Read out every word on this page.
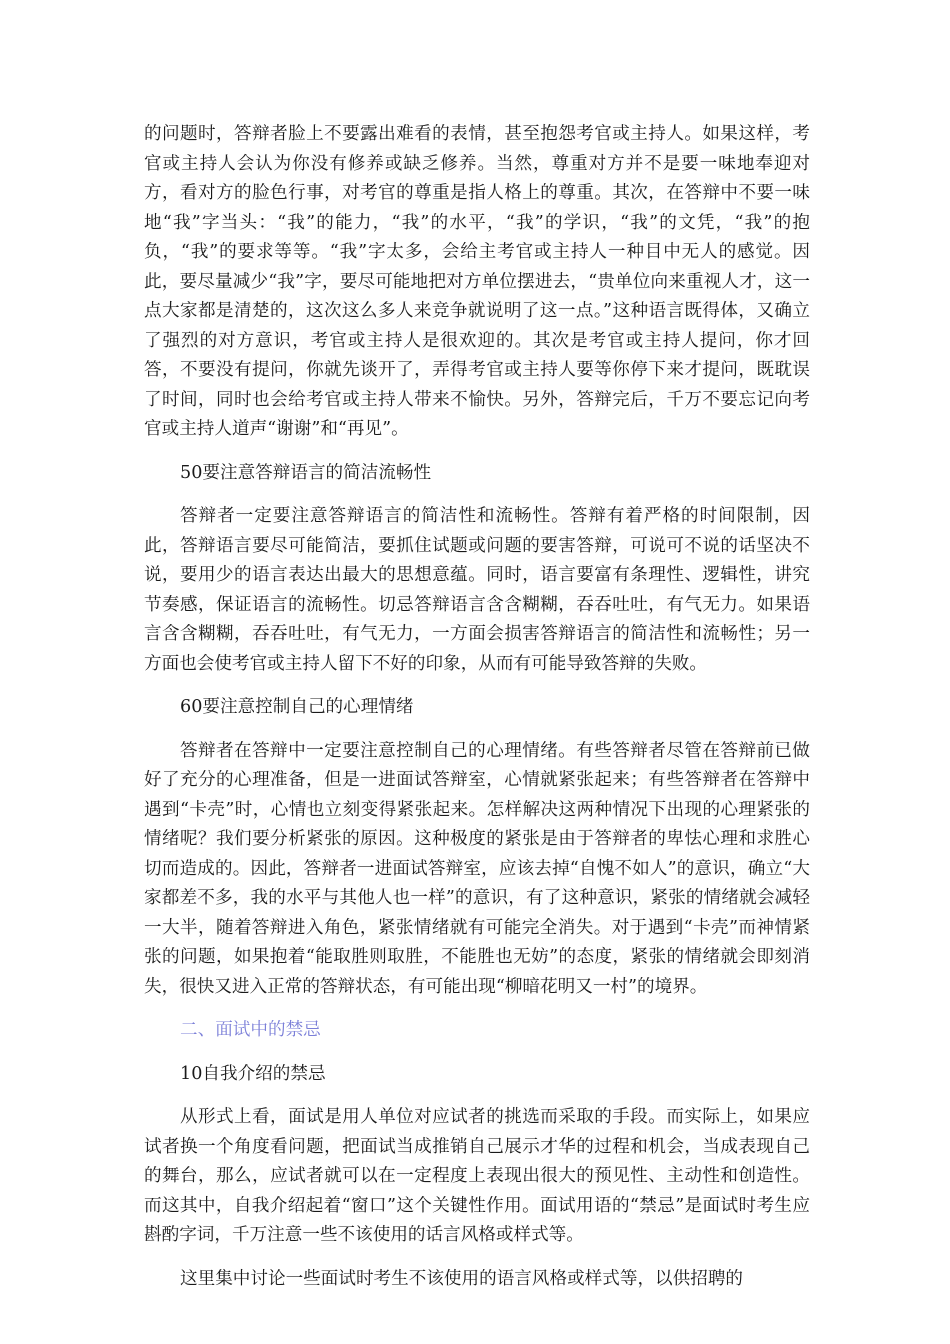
的问题时，答辩者脸上不要露出难看的表情，甚至抱怨考官或主持人。如果这样，考官或主持人会认为你没有修养或缺乏修养。当然，尊重对方并不是要一味地奉迎对方，看对方的脸色行事，对考官的尊重是指人格上的尊重。其次，在答辩中不要一味地“我”字当头：“我”的能力，“我”的水平，“我”的学识，“我”的文凭，“我”的抱负，“我”的要求等等。“我”字太多，会给主考官或主持人一种目中无人的感觉。因此，要尽量减少“我”字，要尽可能地把对方单位摆进去，“贵单位向来重视人才，这一点大家都是清楚的，这次这么多人来竞争就说明了这一点。”这种语言既得体，又确立了强烈的对方意识，考官或主持人是很欢迎的。其次是考官或主持人提问，你才回答，不要没有提问，你就先谈开了，弄得考官或主持人要等你停下来才提问，既耽误了时间，同时也会给考官或主持人带来不愉快。另外，答辩完后，千万不要忘记向考官或主持人道声“谢谢”和“再见”。

50要注意答辩语言的简洁流畅性

答辩者一定要注意答辩语言的简洁性和流畅性。答辩有着严格的时间限制，因此，答辩语言要尽可能简洁，要抓住试题或问题的要害答辩，可说可不说的话坚决不说，要用少的语言表达出最大的思想意蕴。同时，语言要富有条理性、逻辑性，讲究节奏感，保证语言的流畅性。切忌答辩语言含含糊糊，吞吞吐吐，有气无力。如果语言含含糊糊，吞吞吐吐，有气无力，一方面会损害答辩语言的简洁性和流畅性；另一方面也会使考官或主持人留下不好的印象，从而有可能导致答辩的失败。

60要注意控制自己的心理情绪

答辩者在答辩中一定要注意控制自己的心理情绪。有些答辩者尽管在答辩前已做好了充分的心理准备，但是一进面试答辩室，心情就紧张起来；有些答辩者在答辩中遇到“卡壳”时，心情也立刻变得紧张起来。怎样解决这两种情况下出现的心理紧张的情绪呢？我们要分析紧张的原因。这种极度的紧张是由于答辩者的卑怯心理和求胜心切而造成的。因此，答辩者一进面试答辩室，应该去掉“自愧不如人”的意识，确立“大家都差不多，我的水平与其他人也一样”的意识，有了这种意识，紧张的情绪就会减轻一大半，随着答辩进入角色，紧张情绪就有可能完全消失。对于遇到“卡壳”而神情紧张的问题，如果抱着“能取胜则取胜，不能胜也无妨”的态度，紧张的情绪就会即刻消失，很快又进入正常的答辩状态，有可能出现“柳暗花明又一村”的境界。

二、面试中的禁忌

10自我介绍的禁忌

从形式上看，面试是用人单位对应试者的挑选而采取的手段。而实际上，如果应试者换一个角度看问题，把面试当成推销自己展示才华的过程和机会，当成表现自己的舞台，那么，应试者就可以在一定程度上表现出很大的预见性、主动性和创造性。而这其中，自我介绍起着“窗口”这个关键性作用。面试用语的“禁忌”是面试时考生应斟酌字词，千万注意一些不该使用的话言风格或样式等。

这里集中讨论一些面试时考生不该使用的语言风格或样式等，以供招聘的
